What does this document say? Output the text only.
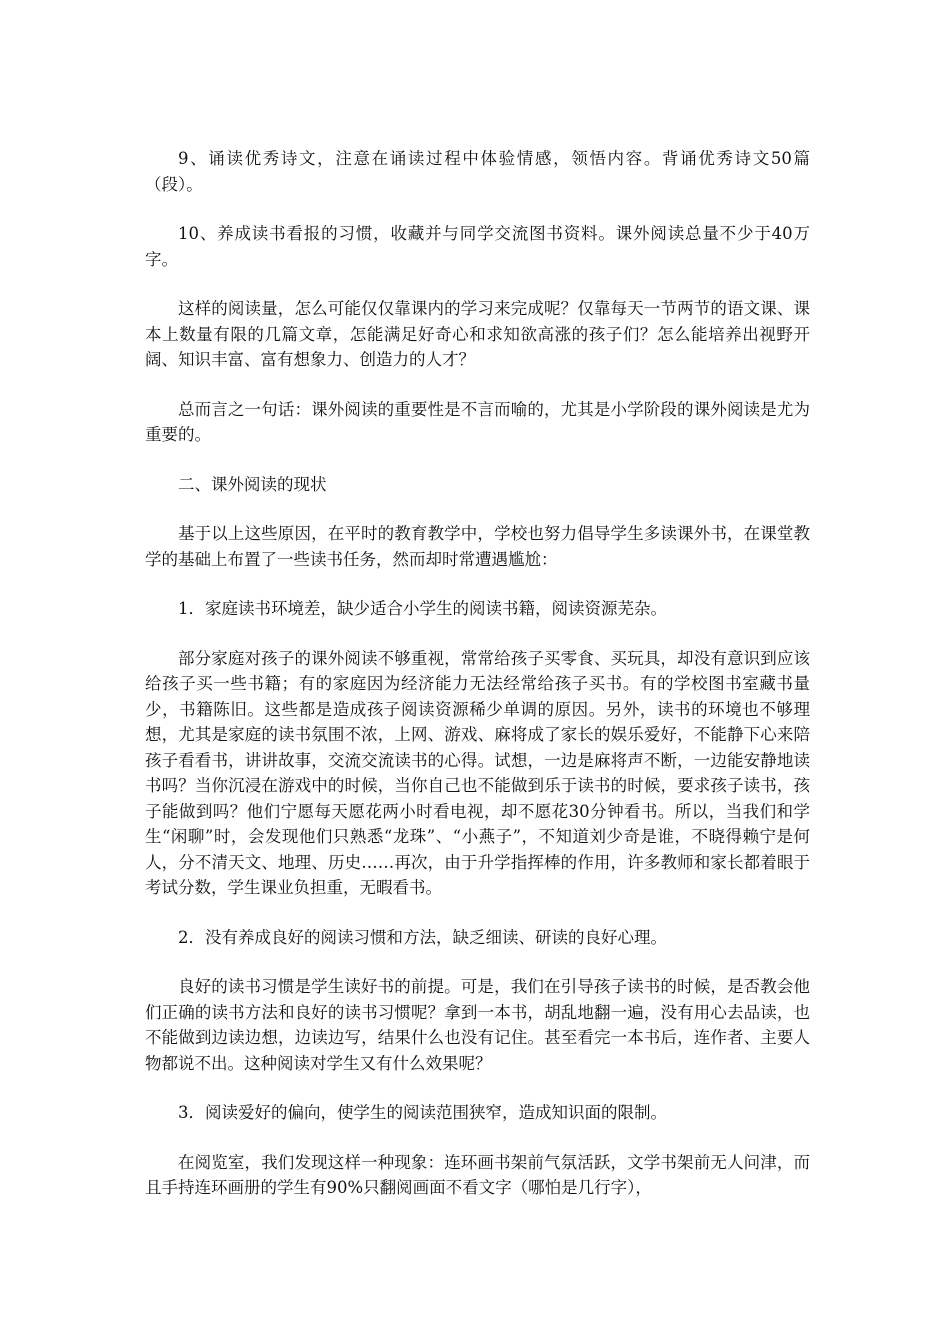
9、诵读优秀诗文，注意在诵读过程中体验情感，领悟内容。背诵优秀诗文50篇（段）。

10、养成读书看报的习惯，收藏并与同学交流图书资料。课外阅读总量不少于40万字。

这样的阅读量，怎么可能仅仅靠课内的学习来完成呢？仅靠每天一节两节的语文课、课本上数量有限的几篇文章，怎能满足好奇心和求知欲高涨的孩子们？怎么能培养出视野开阔、知识丰富、富有想象力、创造力的人才？

总而言之一句话：课外阅读的重要性是不言而喻的，尤其是小学阶段的课外阅读是尤为重要的。

二、课外阅读的现状

基于以上这些原因，在平时的教育教学中，学校也努力倡导学生多读课外书，在课堂教学的基础上布置了一些读书任务，然而却时常遭遇尴尬：

1．家庭读书环境差，缺少适合小学生的阅读书籍，阅读资源芜杂。

部分家庭对孩子的课外阅读不够重视，常常给孩子买零食、买玩具，却没有意识到应该给孩子买一些书籍；有的家庭因为经济能力无法经常给孩子买书。有的学校图书室藏书量少，书籍陈旧。这些都是造成孩子阅读资源稀少单调的原因。另外，读书的环境也不够理想，尤其是家庭的读书氛围不浓，上网、游戏、麻将成了家长的娱乐爱好，不能静下心来陪孩子看看书，讲讲故事，交流交流读书的心得。试想，一边是麻将声不断，一边能安静地读书吗？当你沉浸在游戏中的时候，当你自己也不能做到乐于读书的时候，要求孩子读书，孩子能做到吗？他们宁愿每天愿花两小时看电视，却不愿花30分钟看书。所以，当我们和学生“闲聊”时，会发现他们只熟悉“龙珠”、“小燕子”，不知道刘少奇是谁，不晓得赖宁是何人，分不清天文、地理、历史……再次，由于升学指挥棒的作用，许多教师和家长都着眼于考试分数，学生课业负担重，无暇看书。

2．没有养成良好的阅读习惯和方法，缺乏细读、研读的良好心理。

良好的读书习惯是学生读好书的前提。可是，我们在引导孩子读书的时候，是否教会他们正确的读书方法和良好的读书习惯呢？拿到一本书，胡乱地翻一遍，没有用心去品读，也不能做到边读边想，边读边写，结果什么也没有记住。甚至看完一本书后，连作者、主要人物都说不出。这种阅读对学生又有什么效果呢？

3．阅读爱好的偏向，使学生的阅读范围狭窄，造成知识面的限制。

在阅览室，我们发现这样一种现象：连环画书架前气氛活跃，文学书架前无人问津，而且手持连环画册的学生有90%只翻阅画面不看文字（哪怕是几行字），
